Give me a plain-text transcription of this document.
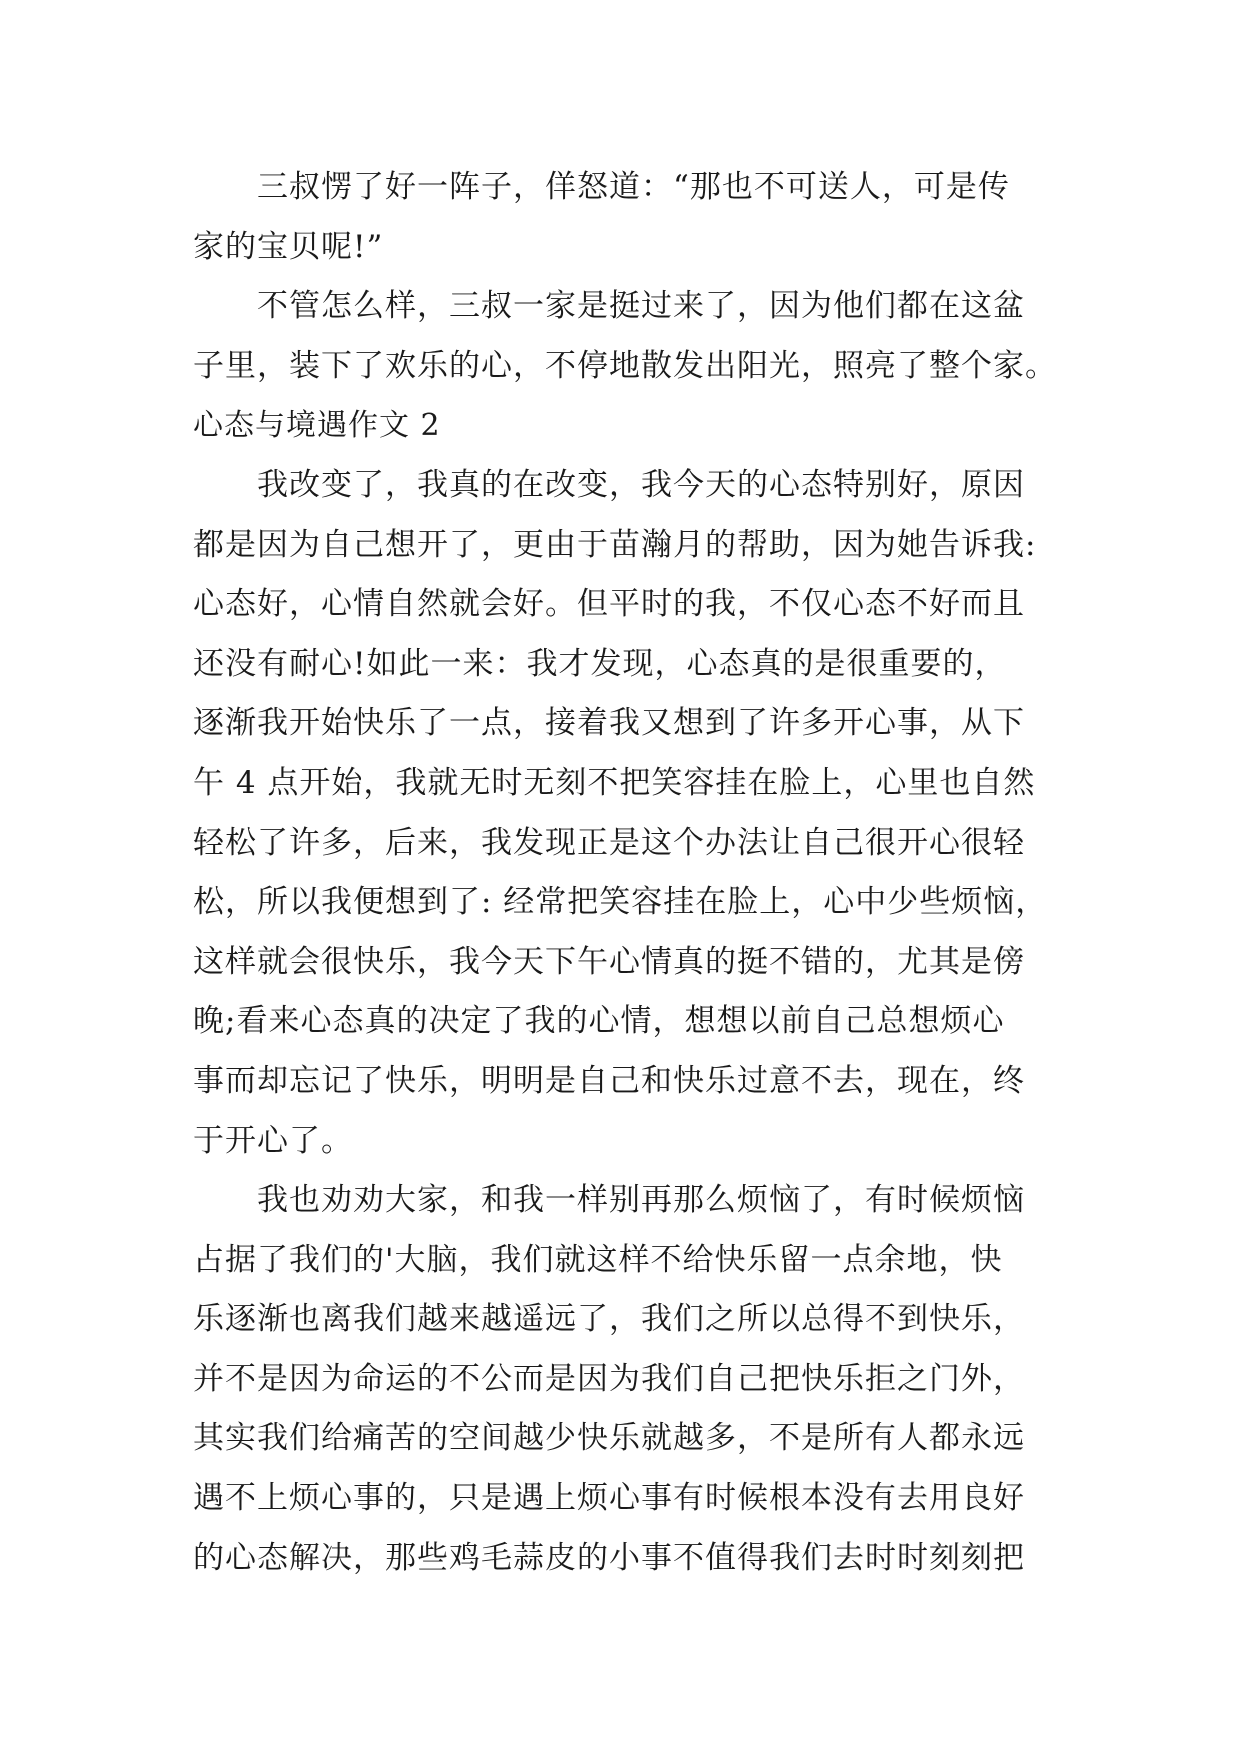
三叔愣了好一阵子，佯怒道：“那也不可送人，可是传
家的宝贝呢!”
不管怎么样，三叔一家是挺过来了，因为他们都在这盆
子里，装下了欢乐的心，不停地散发出阳光，照亮了整个家。
心态与境遇作文 2
我改变了，我真的在改变，我今天的心态特别好，原因
都是因为自己想开了，更由于苗瀚月的帮助，因为她告诉我:
心态好，心情自然就会好。但平时的我，不仅心态不好而且
还没有耐心!如此一来：我才发现，心态真的是很重要的，
逐渐我开始快乐了一点，接着我又想到了许多开心事，从下
午 4 点开始，我就无时无刻不把笑容挂在脸上，心里也自然
轻松了许多，后来，我发现正是这个办法让自己很开心很轻
松，所以我便想到了: 经常把笑容挂在脸上，心中少些烦恼，
这样就会很快乐，我今天下午心情真的挺不错的，尤其是傍
晚;看来心态真的决定了我的心情，想想以前自己总想烦心
事而却忘记了快乐，明明是自己和快乐过意不去，现在，终
于开心了。
我也劝劝大家，和我一样别再那么烦恼了，有时候烦恼
占据了我们的'大脑，我们就这样不给快乐留一点余地，快
乐逐渐也离我们越来越遥远了，我们之所以总得不到快乐，
并不是因为命运的不公而是因为我们自己把快乐拒之门外，
其实我们给痛苦的空间越少快乐就越多，不是所有人都永远
遇不上烦心事的，只是遇上烦心事有时候根本没有去用良好
的心态解决，那些鸡毛蒜皮的小事不值得我们去时时刻刻把
